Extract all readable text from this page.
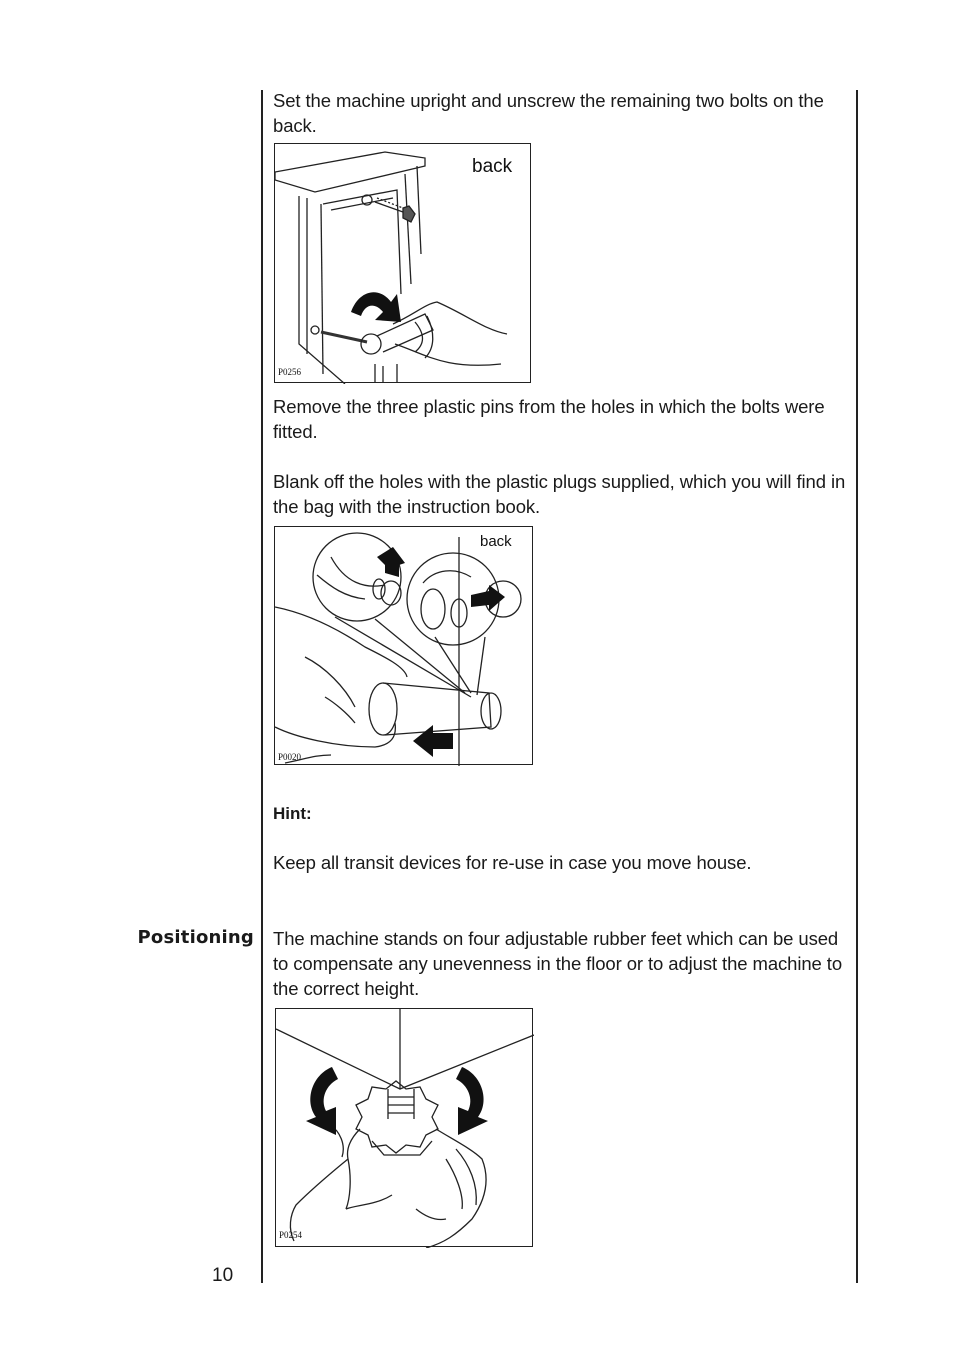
Set the machine upright and unscrew the remaining two bolts on the back.
back
P0256
Remove the three plastic pins from the holes in which the bolts were fitted.
Blank off the holes with the plastic plugs supplied, which you will find in the bag with the instruction book.
back
P0020
Hint:
Keep all transit devices for re-use in case you move house.
Positioning The machine stands on four adjustable rubber feet which can be used to compensate any unevenness in the floor or to adjust the machine to the correct height.
P0254
10
